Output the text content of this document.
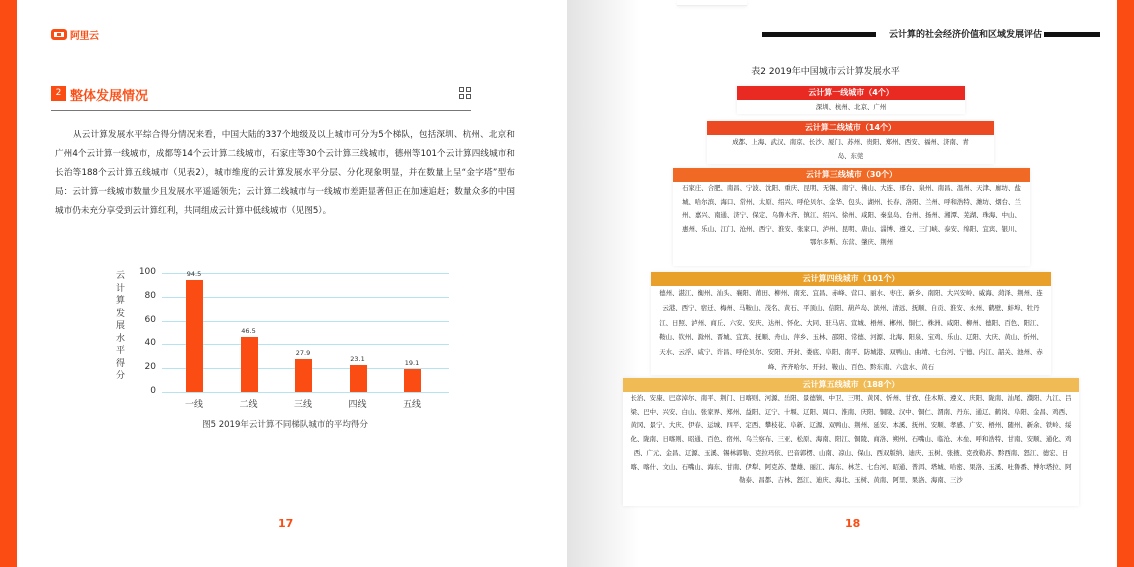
阿里云
2 整体发展情况

从云计算发展水平综合得分情况来看，中国大陆的337个地级及以上城市可分为5个梯队，包括深圳、杭州、北京和广州4个云计算一线城市，成都等14个云计算二线城市，石家庄等30个云计算三线城市，德州等101个云计算四线城市和长治等188个云计算五线城市（见表2），城市维度的云计算发展水平分层、分化现象明显，并在数量上呈“金字塔”型布局：云计算一线城市数量少且发展水平遥遥领先；云计算二线城市与一线城市差距显著但正在加速追赶；数量众多的中国城市仍未充分享受到云计算红利，共同组成云计算中低线城市（见图5）。

云计算发展水平得分
100
80
60
40
20
0
94.5
一线
46.5
二线
27.9
三线
23.1
四线
19.1
五线
图5 2019年云计算不同梯队城市的平均得分
17
云计算的社会经济价值和区域发展评估
表2 2019年中国城市云计算发展水平
云计算一线城市（4个）
深圳、杭州、北京、广州
云计算二线城市（14个）
成都、上海、武汉、南京、长沙、厦门、苏州、贵阳、郑州、西安、福州、济南、青岛、东莞
云计算三线城市（30个）
石家庄、合肥、南昌、宁波、沈阳、重庆、昆明、无锡、南宁、佛山、大连、邢台、泉州、南昌、温州、天津、廊坊、盐城、哈尔滨、海口、常州、太原、绍兴、呼伦贝尔、金华、包头、湖州、长春、洛阳、兰州、呼和浩特、潍坊、烟台、兰州、嘉兴、南通、济宁、保定、乌鲁木齐、镇江、绍兴、徐州、咸阳、秦皇岛、台州、扬州、湘潭、芜湖、珠海、中山、惠州、乐山、江门、沧州、西宁、淮安、张家口、泸州、昆明、唐山、淄博、遵义、三门峡、泰安、绵阳、宜宾、银川、鄂尔多斯、东营、肇庆、荆州
云计算四线城市（101个）
德州、湛江、衡州、汕头、襄阳、莆田、柳州、南充、宜昌、赤峰、营口、丽水、枣庄、新乡、南阳、大兴安岭、威海、菏泽、荆州、连云港、西宁、宿迁、梅州、马鞍山、茂名、黄石、平顶山、信阳、葫芦岛、滨州、清远、抚顺、自贡、淮安、永州、鹤壁、蚌埠、牡丹江、日照、泸州、商丘、六安、安庆、达州、怀化、大同、驻马店、宣城、梧州、郴州、铜仁、株洲、咸阳、柳州、德阳、百色、阳江、鞍山、钦州、滁州、晋城、宜宾、抚顺、舟山、萍乡、玉林、邵阳、常德、河源、北海、阳泉、宝鸡、乐山、辽阳、大庆、黄山、忻州、天水、云浮、咸宁、许昌、呼伦贝尔、安阳、开封、娄底、阜阳、南平、防城港、双鸭山、曲靖、七台河、宁德、内江、韶关、池州、赤峰、齐齐哈尔、开封、鞍山、百色、黔东南、六盘水、黄石
云计算五线城市（188个）
长治、安康、巴彦淖尔、南平、荆门、日喀则、河源、岳阳、景德镇、中卫、三明、黄冈、忻州、甘孜、佳木斯、遵义、庆阳、陇南、汕尾、濮阳、九江、吕梁、巴中、兴安、白山、张家界、郑州、益阳、辽宁、十堰、辽阳、周口、淮南、庆阳、铜陵、汉中、铜仁、渭南、丹东、通辽、鹤岗、阜阳、金昌、鸡西、黄冈、景宁、大庆、伊春、运城、四平、定西、攀枝花、阜新、辽源、双鸭山、荆州、延安、本溪、抚州、安顺、孝感、广安、梧州、随州、新余、铁岭、绥化、陇南、日喀则、昭通、百色、宿州、乌兰察布、三亚、松原、海南、阳江、铜陵、商洛、朔州、石嘴山、临沧、木垒、呼和浩特、甘南、安顺、通化、鸡西、广元、金昌、辽源、玉溪、锡林郭勒、克拉玛依、巴音郭楞、山南、凉山、保山、西双版纳、迪庆、玉树、张掖、克孜勒苏、黔西南、怒江、德宏、日喀、喀什、文山、石嘴山、海东、甘南、伊犁、阿克苏、楚雄、丽江、海东、林芝、七台河、昭通、普洱、塔城、哈密、果洛、玉溪、吐鲁番、博尔塔拉、阿勒泰、昌都、吉林、怒江、迪庆、海北、玉树、黄南、阿里、果洛、海南、三沙
18
